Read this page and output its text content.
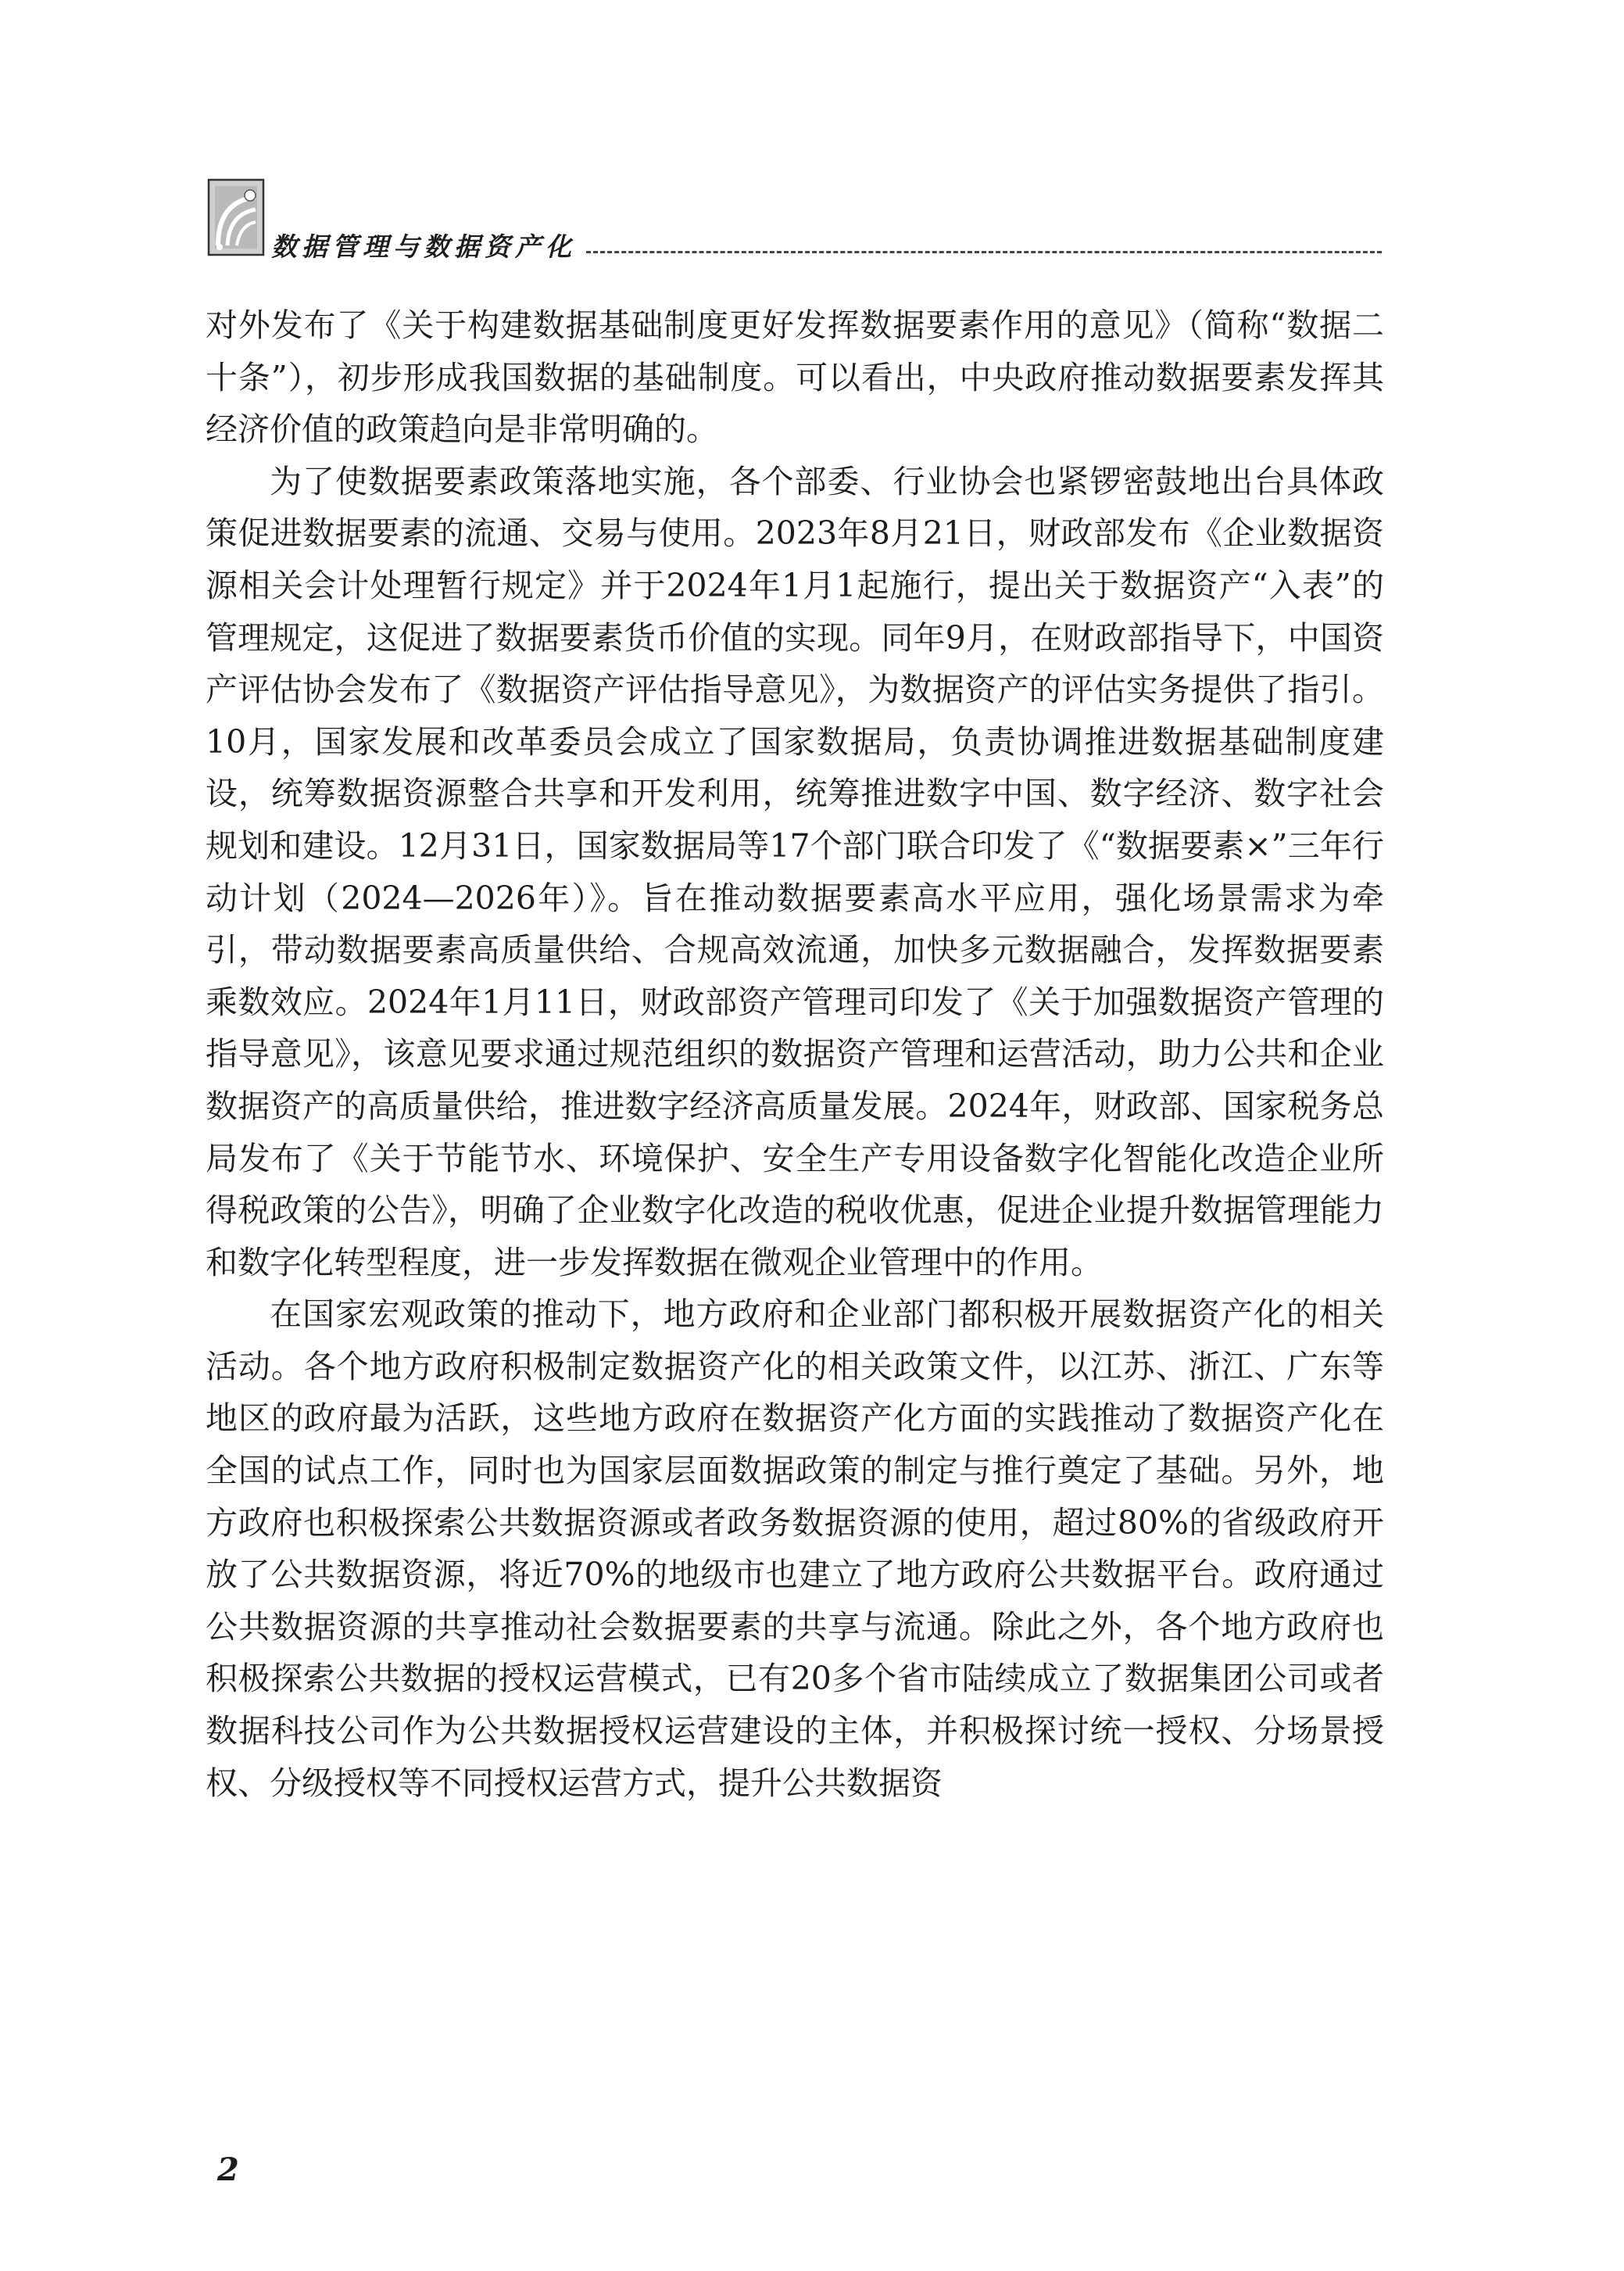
数据管理与数据资产化

对外发布了《关于构建数据基础制度更好发挥数据要素作用的意见》（简称“数据二十条”），初步形成我国数据的基础制度。可以看出，中央政府推动数据要素发挥其经济价值的政策趋向是非常明确的。

为了使数据要素政策落地实施，各个部委、行业协会也紧锣密鼓地出台具体政策促进数据要素的流通、交易与使用。2023年8月21日，财政部发布《企业数据资源相关会计处理暂行规定》并于2024年1月1起施行，提出关于数据资产“入表”的管理规定，这促进了数据要素货币价值的实现。同年9月，在财政部指导下，中国资产评估协会发布了《数据资产评估指导意见》，为数据资产的评估实务提供了指引。10月，国家发展和改革委员会成立了国家数据局，负责协调推进数据基础制度建设，统筹数据资源整合共享和开发利用，统筹推进数字中国、数字经济、数字社会规划和建设。12月31日，国家数据局等17个部门联合印发了《“数据要素×”三年行动计划（2024—2026年）》。旨在推动数据要素高水平应用，强化场景需求为牵引，带动数据要素高质量供给、合规高效流通，加快多元数据融合，发挥数据要素乘数效应。2024年1月11日，财政部资产管理司印发了《关于加强数据资产管理的指导意见》，该意见要求通过规范组织的数据资产管理和运营活动，助力公共和企业数据资产的高质量供给，推进数字经济高质量发展。2024年，财政部、国家税务总局发布了《关于节能节水、环境保护、安全生产专用设备数字化智能化改造企业所得税政策的公告》，明确了企业数字化改造的税收优惠，促进企业提升数据管理能力和数字化转型程度，进一步发挥数据在微观企业管理中的作用。

在国家宏观政策的推动下，地方政府和企业部门都积极开展数据资产化的相关活动。各个地方政府积极制定数据资产化的相关政策文件，以江苏、浙江、广东等地区的政府最为活跃，这些地方政府在数据资产化方面的实践推动了数据资产化在全国的试点工作，同时也为国家层面数据政策的制定与推行奠定了基础。另外，地方政府也积极探索公共数据资源或者政务数据资源的使用，超过80%的省级政府开放了公共数据资源，将近70%的地级市也建立了地方政府公共数据平台。政府通过公共数据资源的共享推动社会数据要素的共享与流通。除此之外，各个地方政府也积极探索公共数据的授权运营模式，已有20多个省市陆续成立了数据集团公司或者数据科技公司作为公共数据授权运营建设的主体，并积极探讨统一授权、分场景授权、分级授权等不同授权运营方式，提升公共数据资

2
